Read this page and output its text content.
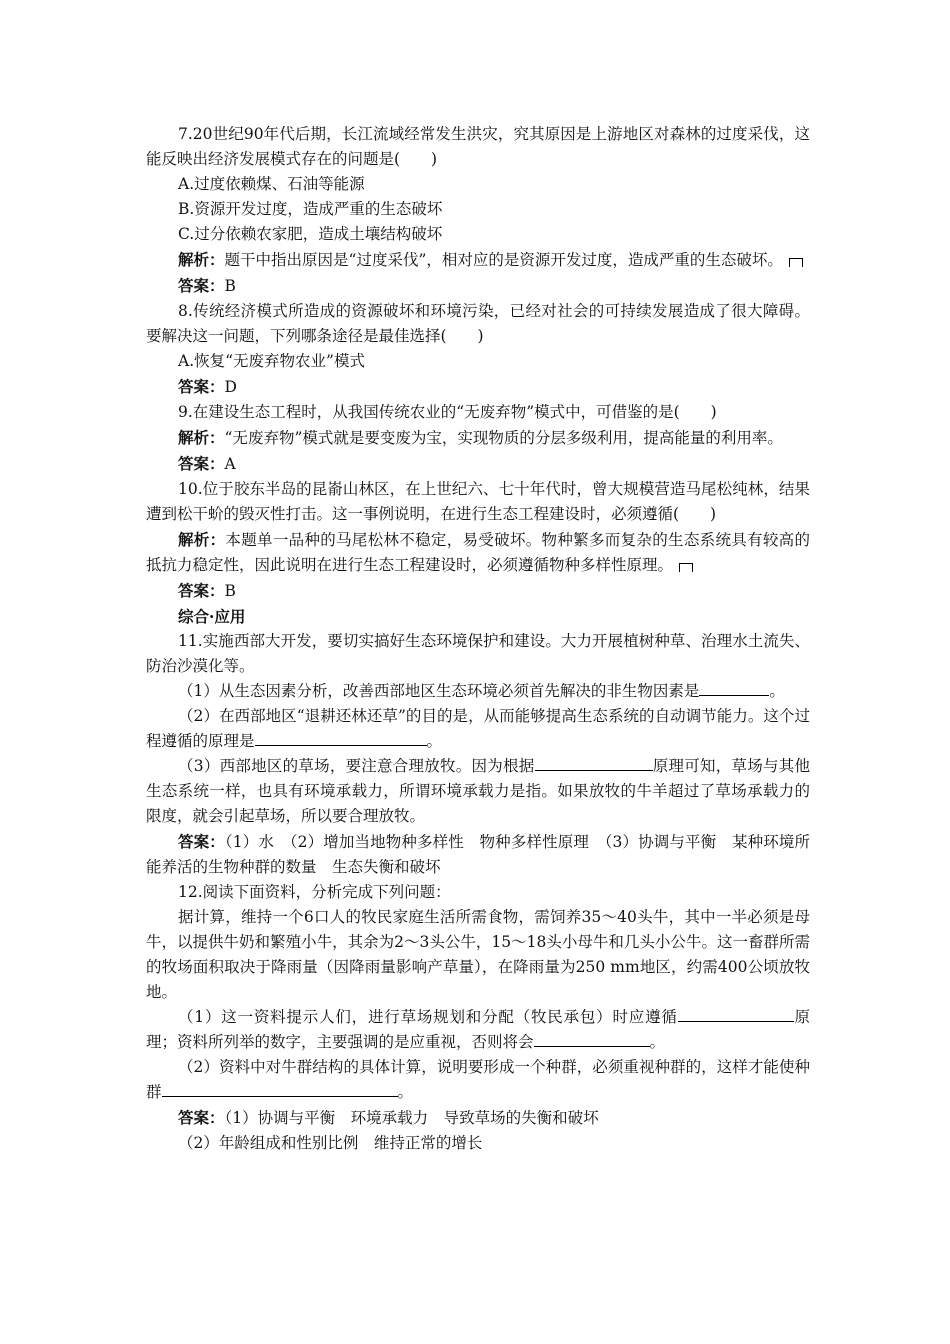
7.20世纪90年代后期，长江流域经常发生洪灾，究其原因是上游地区对森林的过度采伐，这能反映出经济发展模式存在的问题是(　　)

A.过度依赖煤、石油等能源

B.资源开发过度，造成严重的生态破坏

C.过分依赖农家肥，造成土壤结构破坏

解析：题干中指出原因是“过度采伐”，相对应的是资源开发过度，造成严重的生态破坏。

答案：B

8.传统经济模式所造成的资源破坏和环境污染，已经对社会的可持续发展造成了很大障碍。要解决这一问题，下列哪条途径是最佳选择(　　)

A.恢复“无废弃物农业”模式

答案：D

9.在建设生态工程时，从我国传统农业的“无废弃物”模式中，可借鉴的是(　　)

解析：“无废弃物”模式就是要变废为宝，实现物质的分层多级利用，提高能量的利用率。

答案：A

10.位于胶东半岛的昆嵛山林区，在上世纪六、七十年代时，曾大规模营造马尾松纯林，结果遭到松干蚧的毁灭性打击。这一事例说明，在进行生态工程建设时，必须遵循(　　)

解析：本题单一品种的马尾松林不稳定，易受破坏。物种繁多而复杂的生态系统具有较高的抵抗力稳定性，因此说明在进行生态工程建设时，必须遵循物种多样性原理。

答案：B

综合·应用

11.实施西部大开发，要切实搞好生态环境保护和建设。大力开展植树种草、治理水土流失、防治沙漠化等。

（1）从生态因素分析，改善西部地区生态环境必须首先解决的非生物因素是	。

（2）在西部地区“退耕还林还草”的目的是，从而能够提高生态系统的自动调节能力。这个过程遵循的原理是	。

（3）西部地区的草场，要注意合理放牧。因为根据	原理可知，草场与其他生态系统一样，也具有环境承载力，所谓环境承载力是指。如果放牧的牛羊超过了草场承载力的限度，就会引起草场，所以要合理放牧。

答案：（1）水　（2）增加当地物种多样性　物种多样性原理　（3）协调与平衡　某种环境所能养活的生物种群的数量　生态失衡和破坏

12.阅读下面资料，分析完成下列问题：

据计算，维持一个6口人的牧民家庭生活所需食物，需饲养35～40头牛，其中一半必须是母牛，以提供牛奶和繁殖小牛，其余为2～3头公牛，15～18头小母牛和几头小公牛。这一畜群所需的牧场面积取决于降雨量（因降雨量影响产草量），在降雨量为250 mm地区，约需400公顷放牧地。

（1）这一资料提示人们，进行草场规划和分配（牧民承包）时应遵循	原理；资料所列举的数字，主要强调的是应重视，否则将会	。

（2）资料中对牛群结构的具体计算，说明要形成一个种群，必须重视种群的，这样才能使种群	。

答案：（1）协调与平衡　环境承载力　导致草场的失衡和破坏

（2）年龄组成和性别比例　维持正常的增长
